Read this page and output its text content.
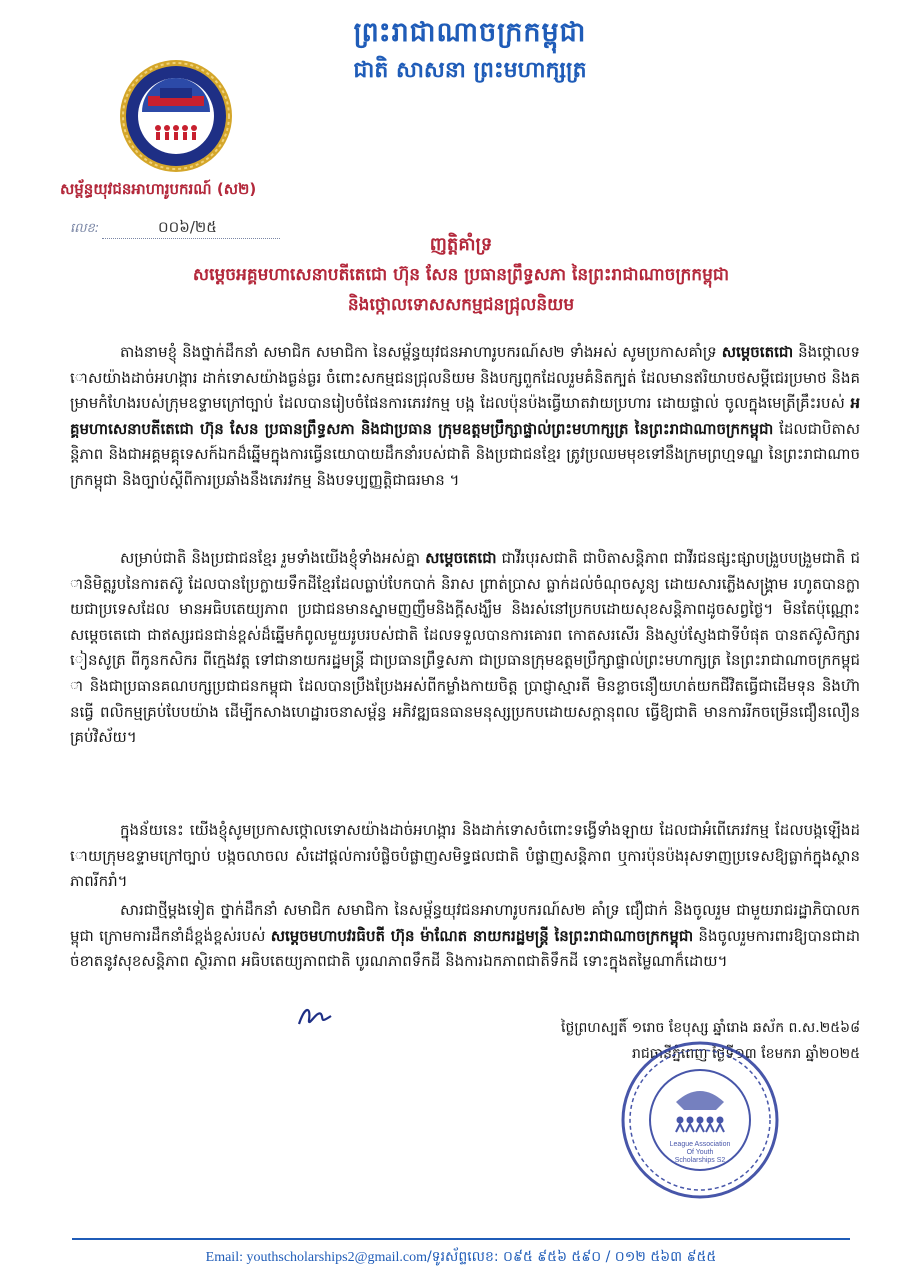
ព្រះរាជាណាចក្រកម្ពុជា
ជាតិ សាសនា ព្រះមហាក្សត្រ
សម្ព័ន្ធយុវជនអាហារូបករណ៍ (ស២)
លេខ:	០០៦/២៥
ញត្តិគាំទ្រ
សម្តេចអគ្គមហាសេនាបតីតេជោ ហ៊ុន សែន ប្រធានព្រឹទ្ធសភា នៃព្រះរាជាណាចក្រកម្ពុជា
និងថ្កោលទោសសកម្មជនជ្រុលនិយម

តាងនាមខ្ញុំ និងថ្នាក់ដឹកនាំ សមាជិក សមាជិកា នៃសម្ព័ន្ធយុវជនអាហារូបករណ៍ស២ ទាំងអស់ សូមប្រកាសគាំទ្រ សម្តេចតេជោ និងថ្កោលទោសយ៉ាងដាច់អហង្ការ ដាក់ទោសយ៉ាងធ្ងន់ធ្ងរ ចំពោះសកម្មជនជ្រុលនិយម និងបក្សពួកដែលរួមគំនិតក្បត់ ដែលមានឥរិយាបថសម្តីជេរប្រមាថ និងគម្រាមកំហែងរបស់ក្រុមឧទ្ទាមក្រៅច្បាប់ ដែលបានរៀបចំផែនការភេរវកម្ម បង្ក ដែលប៉ុនប៉ងធ្វើឃាតវាយប្រហារ ដោយផ្ទាល់ ចូលក្នុងមេត្រីគ្រឹះរបស់ អគ្គមហាសេនាបតីតេជោ ហ៊ុន សែន ប្រធានព្រឹទ្ធសភា និងជាប្រធាន ក្រុមឧត្តមប្រឹក្សាផ្ទាល់ព្រះមហាក្សត្រ នៃព្រះរាជាណាចក្រកម្ពុជា ដែលជាបិតាសន្តិភាព និងជាអគ្គមគ្គុទេសក៍ឯកដ៏ឆ្នើមក្នុងការធ្វើនយោបាយដឹកនាំរបស់ជាតិ និងប្រជាជនខ្មែរ ត្រូវប្រឈមមុខទៅនឹងក្រមព្រហ្មទណ្ឌ នៃព្រះរាជាណាចក្រកម្ពុជា និងច្បាប់ស្តីពីការប្រឆាំងនឹងភេរវកម្ម និងបទប្បញ្ញត្តិជាធរមាន ។

សម្រាប់ជាតិ និងប្រជាជនខ្មែរ រួមទាំងយើងខ្ញុំទាំងអស់គ្នា សម្តេចតេជោ ជាវីរបុរសជាតិ ជាបិតាសន្តិភាព ជាវីរជនផ្សះផ្សាបង្រួបបង្រួមជាតិ ជានិមិត្តរូបនៃការតស៊ូ ដែលបានប្រែក្លាយទឹកដីខ្មែរដែលធ្លាប់បែកបាក់ និរាស ព្រាត់ប្រាស ធ្លាក់ដល់ចំណុចសូន្យ ដោយសារភ្លើងសង្គ្រាម រហូតបានក្លាយជាប្រទេសដែល មានអធិបតេយ្យភាព ប្រជាជនមានស្នាមញញឹមនិងក្តីសង្ឃឹម និងរស់នៅប្រកបដោយសុខសន្តិភាពដូចសព្វថ្ងៃ។ មិនតែប៉ុណ្ណោះ សម្តេចតេជោ ជាឥស្សរជនជាន់ខ្ពស់ដ៏ឆ្នើមកំពូលមួយរូបរបស់ជាតិ ដែលទទួលបានការគោរព កោតសរសើរ និងស្ញប់ស្ញែងជាទីបំផុត បានតស៊ូសិក្សារៀនសូត្រ ពីកូនកសិករ ពីក្មេងវត្ត ទៅជានាយករដ្ឋមន្ត្រី ជាប្រធានព្រឹទ្ធសភា ជាប្រធានក្រុមឧត្តមប្រឹក្សាផ្ទាល់ព្រះមហាក្សត្រ នៃព្រះរាជាណាចក្រកម្ពុជា និងជាប្រធានគណបក្សប្រជាជនកម្ពុជា ដែលបានប្រឹងប្រែងអស់ពីកម្លាំងកាយចិត្ត ប្រាជ្ញាស្មារតី មិនខ្លាចនឿយហត់យកជីវិតធ្វើជាដើមទុន និងហ៊ានធ្វើ ពលិកម្មគ្រប់បែបយ៉ាង ដើម្បីកសាងហេដ្ឋារចនាសម្ព័ន្ធ អភិវឌ្ឍធនធានមនុស្សប្រកបដោយសក្តានុពល ធ្វើឱ្យជាតិ មានការរីកចម្រើនជឿនលឿនគ្រប់វិស័យ។

ក្នុងន័យនេះ យើងខ្ញុំសូមប្រកាសថ្កោលទោសយ៉ាងដាច់អហង្ការ និងដាក់ទោសចំពោះទង្វើទាំងឡាយ ដែលជាអំពើភេរវកម្ម ដែលបង្កឡើងដោយក្រុមឧទ្ទាមក្រៅច្បាប់ បង្កចលាចល សំដៅផ្តល់ការបំផ្លិចបំផ្លាញសមិទ្ធផលជាតិ បំផ្លាញសន្តិភាព ឬការប៉ុនប៉ងរុសទាញប្រទេសឱ្យធ្លាក់ក្នុងស្ថានភាពរីករាំ។

សារជាថ្មីម្តងទៀត ថ្នាក់ដឹកនាំ សមាជិក សមាជិកា នៃសម្ព័ន្ធយុវជនអាហារូបករណ៍ស២ គាំទ្រ ជឿជាក់ និងចូលរួម ជាមួយរាជរដ្ឋាភិបាលកម្ពុជា ក្រោមការដឹកនាំដ៏ខ្ពង់ខ្ពស់របស់ សម្តេចមហាបវរធិបតី ហ៊ុន ម៉ាណែត នាយករដ្ឋមន្ត្រី នៃព្រះរាជាណាចក្រកម្ពុជា និងចូលរួមការពារឱ្យបានជាដាច់ខាតនូវសុខសន្តិភាព ស្ថិរភាព អធិបតេយ្យភាពជាតិ បូរណភាពទឹកដី និងការឯកភាពជាតិទឹកដី ទោះក្នុងតម្លៃណាក៏ដោយ។

ថ្ងៃព្រហស្បតិ៍ ១រោច ខែបុស្ស ឆ្នាំរោង ឆស័ក ព.ស.២៥៦៨
រាជធានីភ្នំពេញ ថ្ងៃទី១៣ ខែមករា ឆ្នាំ២០២៥
League Association
Of Youth
Scholarships S2
Email: youthscholarships2@gmail.com/ទូរស័ព្ទលេខ: ០៩៥ ៩៥៦ ៥៩០ / ០១២ ៥៦៣ ៩៥៥
